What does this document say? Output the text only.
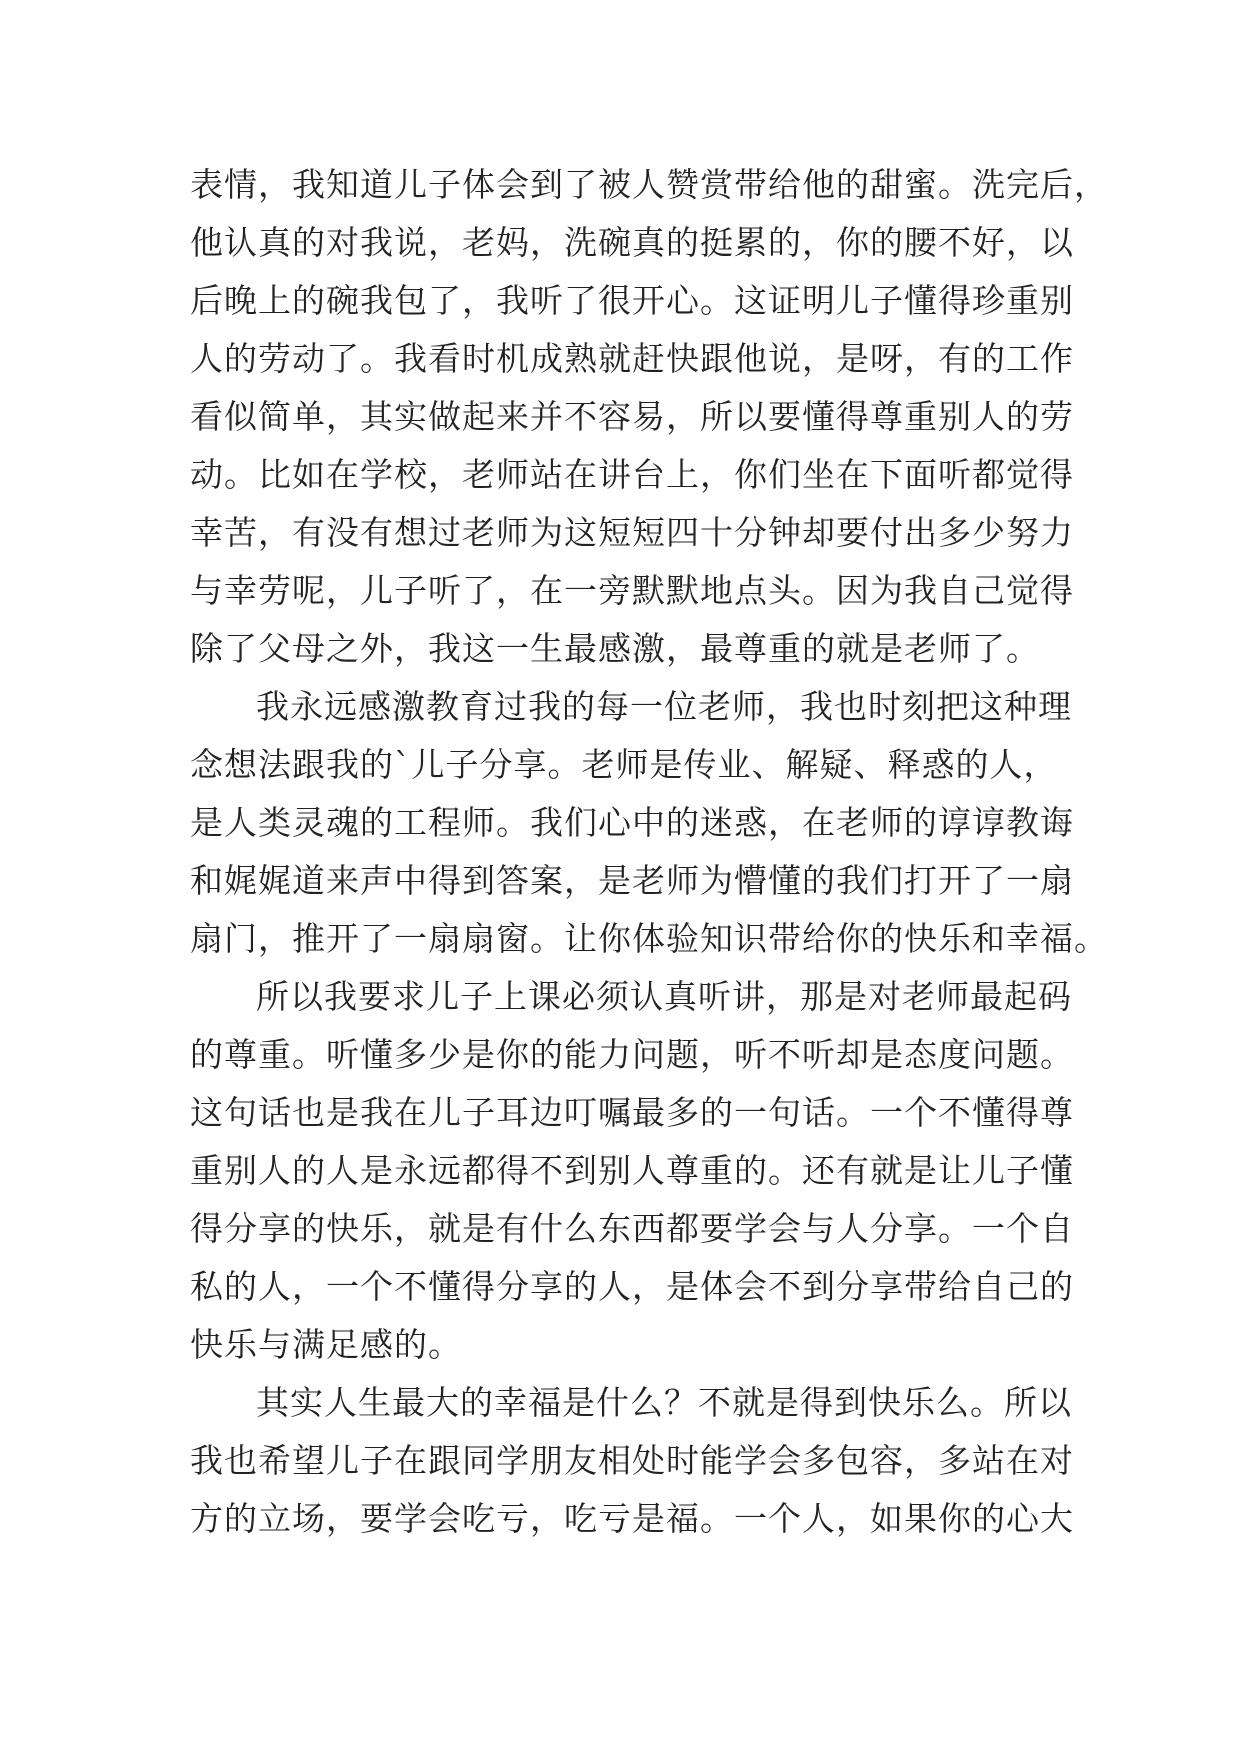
表情，我知道儿子体会到了被人赞赏带给他的甜蜜。洗完后，
他认真的对我说，老妈，洗碗真的挺累的，你的腰不好，以
后晚上的碗我包了，我听了很开心。这证明儿子懂得珍重别
人的劳动了。我看时机成熟就赶快跟他说，是呀，有的工作
看似简单，其实做起来并不容易，所以要懂得尊重别人的劳
动。比如在学校，老师站在讲台上，你们坐在下面听都觉得
幸苦，有没有想过老师为这短短四十分钟却要付出多少努力
与幸劳呢，儿子听了，在一旁默默地点头。因为我自己觉得
除了父母之外，我这一生最感激，最尊重的就是老师了。
我永远感激教育过我的每一位老师，我也时刻把这种理
念想法跟我的`儿子分享。老师是传业、解疑、释惑的人，
是人类灵魂的工程师。我们心中的迷惑，在老师的谆谆教诲
和娓娓道来声中得到答案，是老师为懵懂的我们打开了一扇
扇门，推开了一扇扇窗。让你体验知识带给你的快乐和幸福。
所以我要求儿子上课必须认真听讲，那是对老师最起码
的尊重。听懂多少是你的能力问题，听不听却是态度问题。
这句话也是我在儿子耳边叮嘱最多的一句话。一个不懂得尊
重别人的人是永远都得不到别人尊重的。还有就是让儿子懂
得分享的快乐，就是有什么东西都要学会与人分享。一个自
私的人，一个不懂得分享的人，是体会不到分享带给自己的
快乐与满足感的。
其实人生最大的幸福是什么？不就是得到快乐么。所以
我也希望儿子在跟同学朋友相处时能学会多包容，多站在对
方的立场，要学会吃亏，吃亏是福。一个人，如果你的心大
